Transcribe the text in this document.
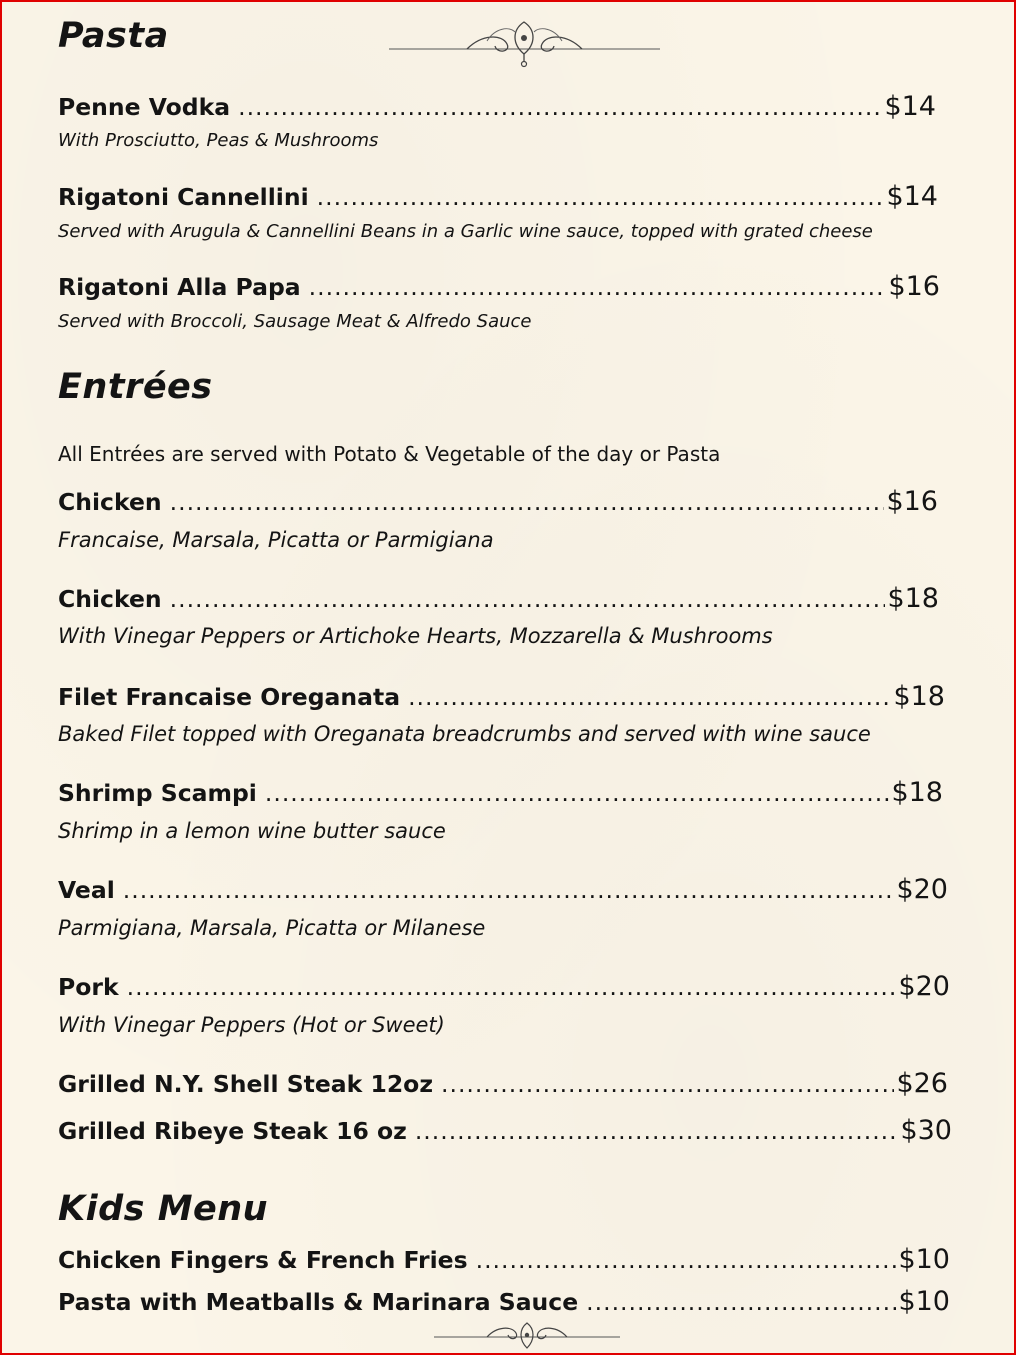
Pasta
Penne Vodka .....	$14
With Prosciutto, Peas & Mushrooms
Rigatoni Cannellini .....	$14
Served with Arugula & Cannellini Beans in a Garlic wine sauce, topped with grated cheese
Rigatoni Alla Papa .....	$16
Served with Broccoli, Sausage Meat & Alfredo Sauce
Entrées
All Entrées are served with Potato & Vegetable of the day or Pasta
Chicken .....	$16
Francaise, Marsala, Picatta or Parmigiana
Chicken .....	$18
With Vinegar Peppers or Artichoke Hearts, Mozzarella & Mushrooms
Filet Francaise Oreganata .....	$18
Baked Filet topped with Oreganata breadcrumbs and served with wine sauce
Shrimp Scampi .....	$18
Shrimp in a lemon wine butter sauce
Veal .....	$20
Parmigiana, Marsala, Picatta or Milanese
Pork .....	$20
With Vinegar Peppers (Hot or Sweet)
Grilled N.Y. Shell Steak 12oz .....	$26
Grilled Ribeye Steak 16 oz .....	$30
Kids Menu
Chicken Fingers & French Fries .....	$10
Pasta with Meatballs & Marinara Sauce .....	$10
